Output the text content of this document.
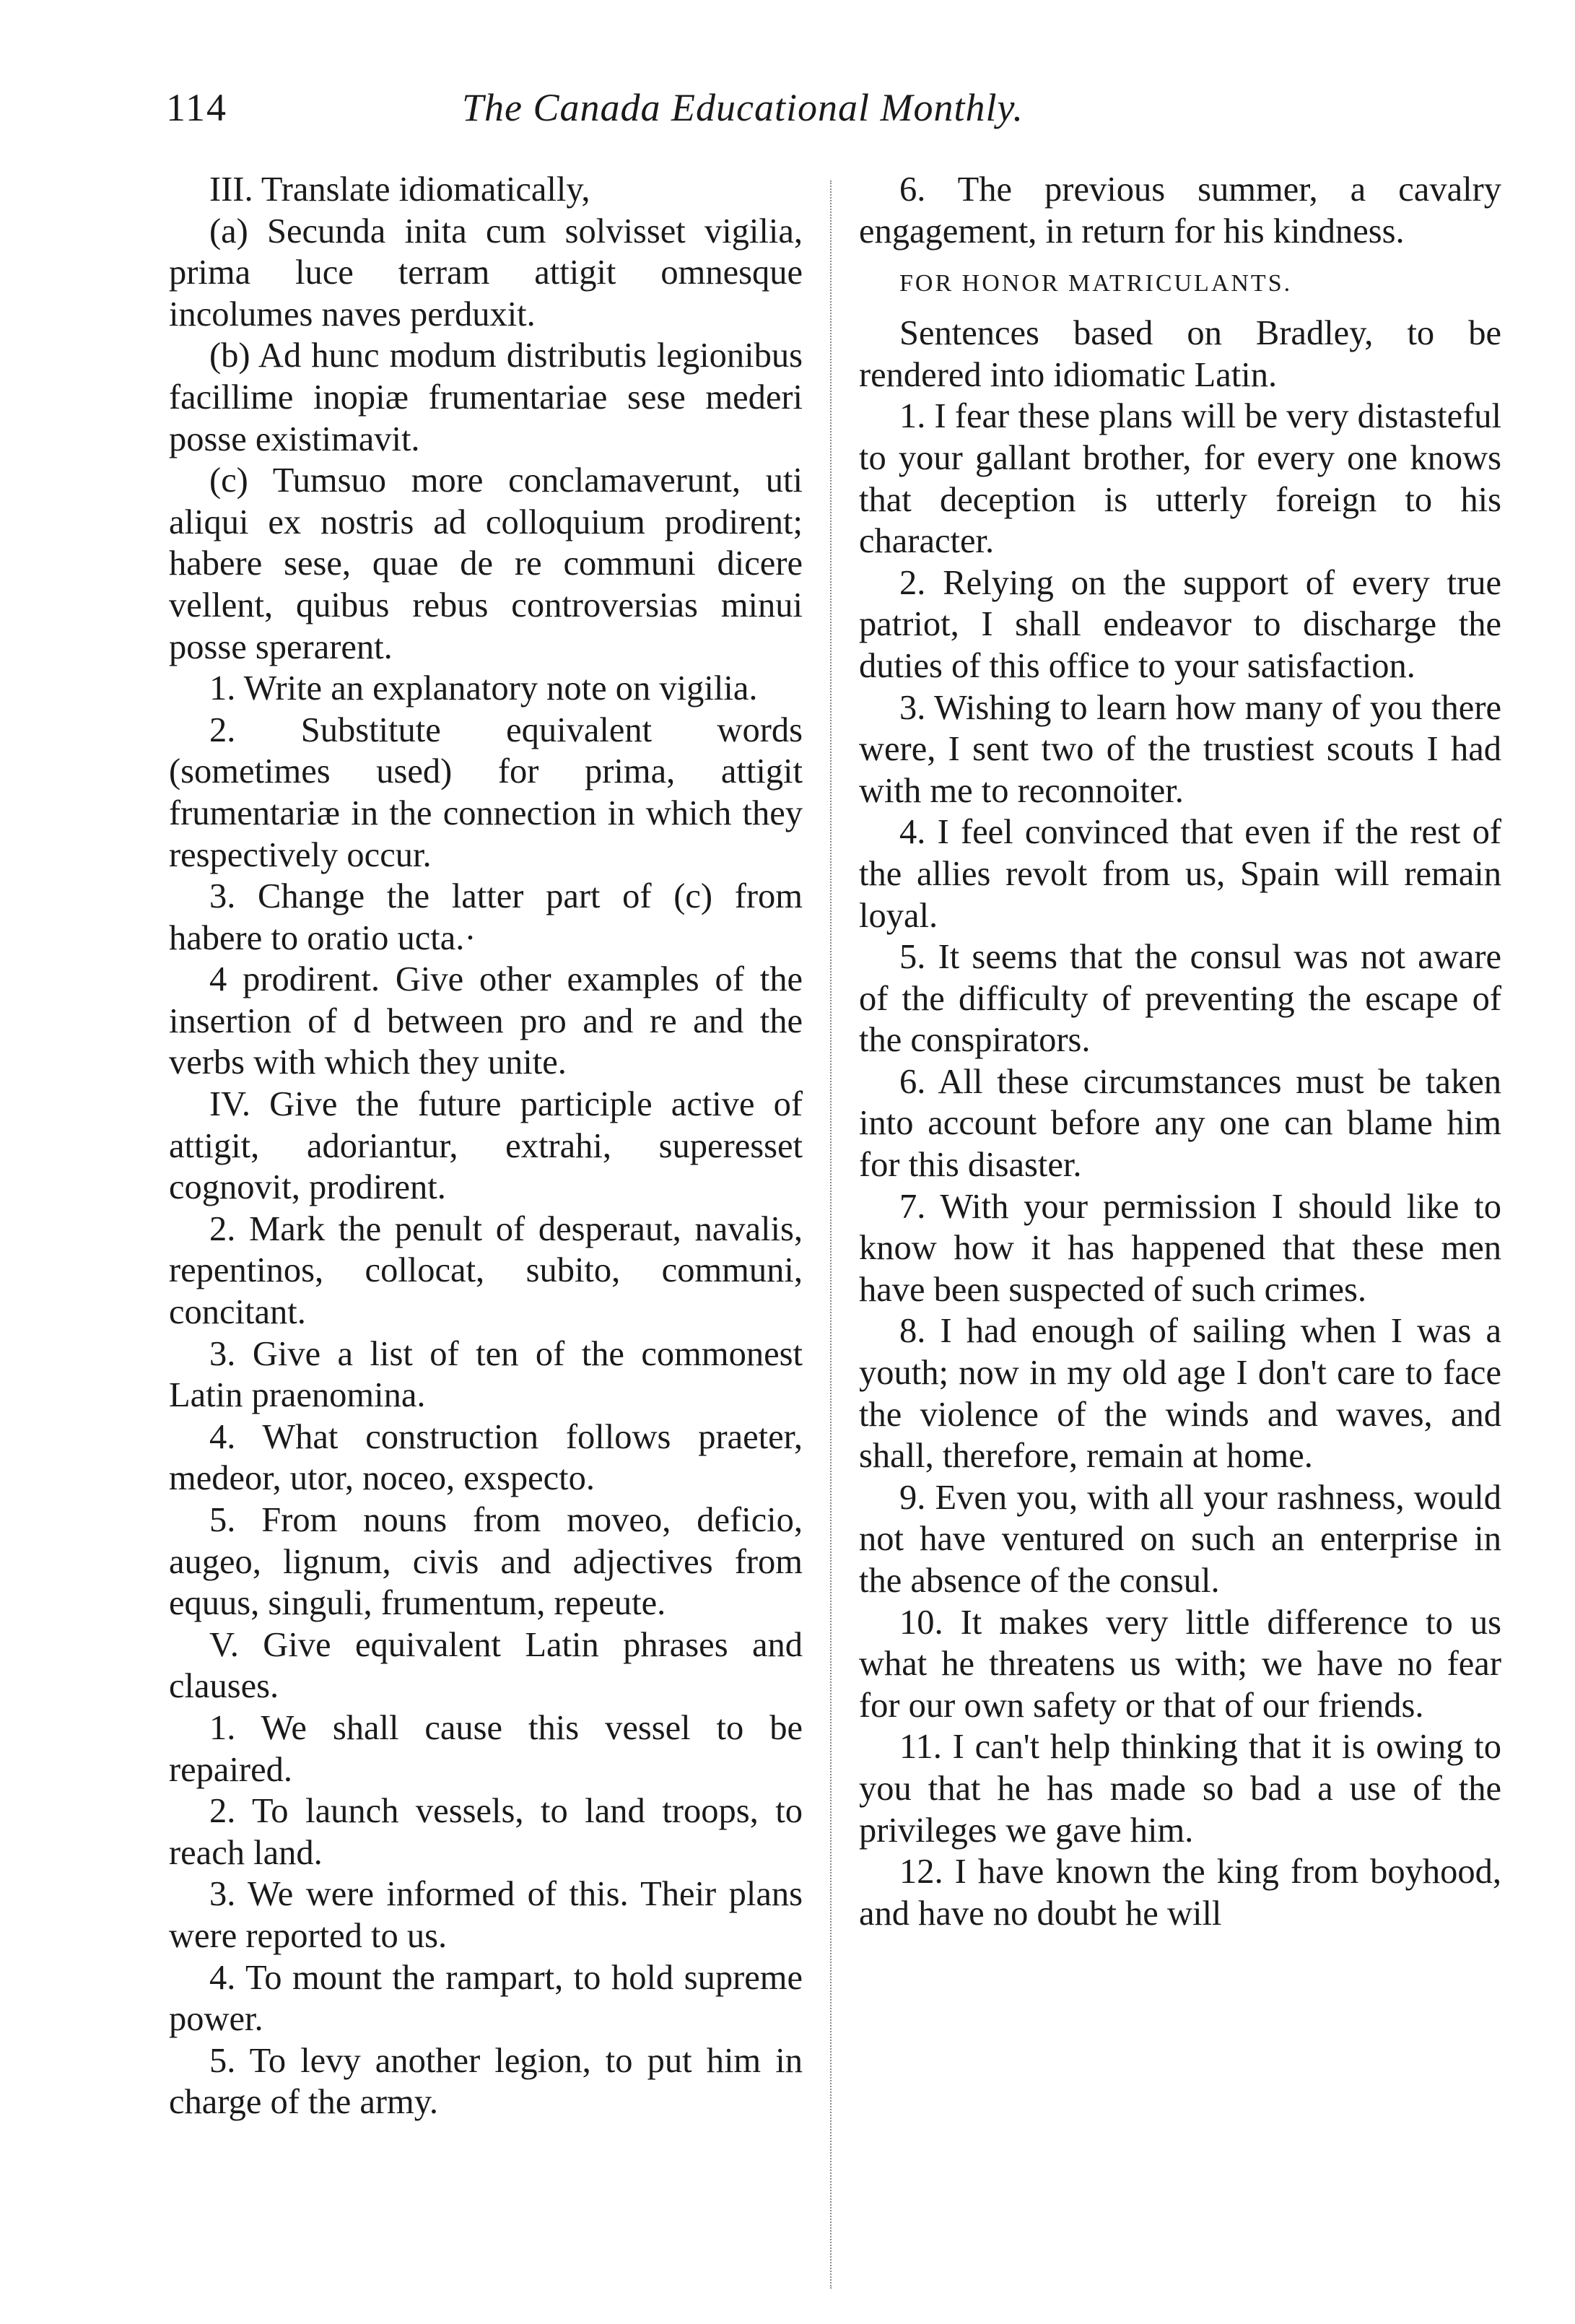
114	The Canada Educational Monthly.

III. Translate idiomatically,

(a) Secunda inita cum solvisset vigilia, prima luce terram attigit omnesque incolumes naves perduxit.

(b) Ad hunc modum distributis legionibus facillime inopiæ frumentariae sese mederi posse existimavit.

(c) Tumsuo more conclamaverunt, uti aliqui ex nostris ad colloquium prodirent; habere sese, quae de re communi dicere vellent, quibus rebus controversias minui posse sperarent.

1. Write an explanatory note on vigilia.

2. Substitute equivalent words (sometimes used) for prima, attigit frumentariæ in the connection in which they respectively occur.

3. Change the latter part of (c) from habere to oratio ucta.·

4 prodirent. Give other examples of the insertion of d between pro and re and the verbs with which they unite.

IV. Give the future participle active of attigit, adoriantur, extrahi, superesset cognovit, prodirent.

2. Mark the penult of desperaut, navalis, repentinos, collocat, subito, communi, concitant.

3. Give a list of ten of the commonest Latin praenomina.

4. What construction follows praeter, medeor, utor, noceo, exspecto.

5. From nouns from moveo, deficio, augeo, lignum, civis and adjectives from equus, singuli, frumentum, repeute.

V. Give equivalent Latin phrases and clauses.

1. We shall cause this vessel to be repaired.

2. To launch vessels, to land troops, to reach land.

3. We were informed of this. Their plans were reported to us.

4. To mount the rampart, to hold supreme power.

5. To levy another legion, to put him in charge of the army.

6. The previous summer, a cavalry engagement, in return for his kindness.

FOR HONOR MATRICULANTS.

Sentences based on Bradley, to be rendered into idiomatic Latin.

1. I fear these plans will be very distasteful to your gallant brother, for every one knows that deception is utterly foreign to his character.

2. Relying on the support of every true patriot, I shall endeavor to discharge the duties of this office to your satisfaction.

3. Wishing to learn how many of you there were, I sent two of the trustiest scouts I had with me to reconnoiter.

4. I feel convinced that even if the rest of the allies revolt from us, Spain will remain loyal.

5. It seems that the consul was not aware of the difficulty of preventing the escape of the conspirators.

6. All these circumstances must be taken into account before any one can blame him for this disaster.

7. With your permission I should like to know how it has happened that these men have been suspected of such crimes.

8. I had enough of sailing when I was a youth; now in my old age I don't care to face the violence of the winds and waves, and shall, therefore, remain at home.

9. Even you, with all your rashness, would not have ventured on such an enterprise in the absence of the consul.

10. It makes very little difference to us what he threatens us with; we have no fear for our own safety or that of our friends.

11. I can't help thinking that it is owing to you that he has made so bad a use of the privileges we gave him.

12. I have known the king from boyhood, and have no doubt he will
